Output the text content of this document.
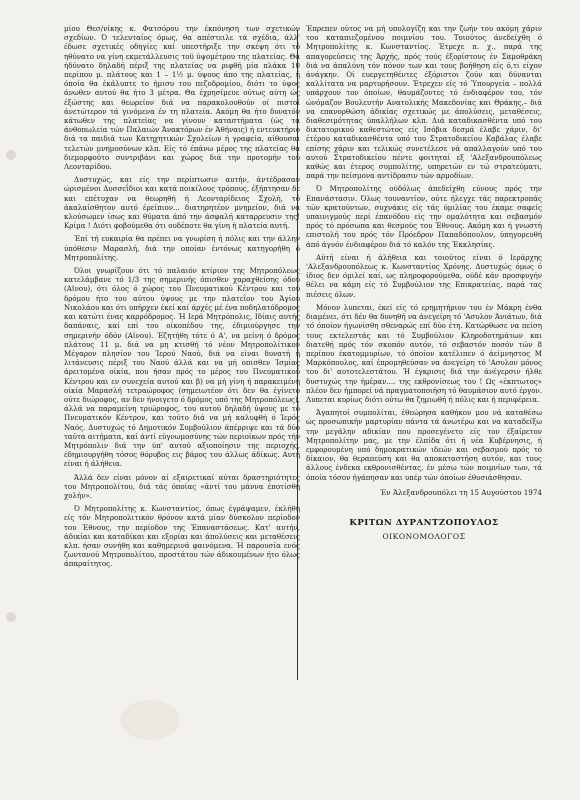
μίου Θεσ/νίκης κ. Φατσόρου την έκπόνηση των σχετικών σχεδίων. Ό τελευταίος όμως, θα απέστειλε τά σχέδια, άλλ' έδωσε σχετικές οδηγίες καί υπεστήριξε την σκέψη ότι τό ηθύνατο να γίνη εκμετάλλευσις τοϋ ύψομέτρου της πλατείας. Θά ήδύνατο δηλαδή πέριξ της πλατείας να ριφθή μία πλάκα 10 περίπου μ. πλάτους και 1 – 1½ μ. ύψους άπο της πλατείας, ή όποία θα έκάλυπτε το ήμισυ του πεζοδρομίου, διότι το ύψος άνωθεν αυτού θα ήτο 3 μέτρα. Θα έχρησίμευε ούτως αύτη ώς έξώστης και θεωρείον διά να παρακολουθούν οί πιστοί άνετώτερον τά γινόμενα έν τη πλατεία. Ακόμη θα ήτο δυνατόν κάτωθεν της πλατείας να γίνουν καταστήματα (ώς τα άνθοπωλεία τών Παλαιών Άνακτόρων έν Άθήναις) ή εντευκτήριο διά τα παιδιά των Κατηχητικών Σχολείων ή γραφεία, αίθουσαι τελετών μνημοσύνων κλπ. Είς τό έπάνω μέρος της πλατείας θα διεμορφούτο συντριβάνι και χώρος διά την προτομήν τού Λεονταρίδου.

Δυστυχώς, και είς την περίπτωσιν αυτήν, άντέδρασαν ώρισμένοι Δυσσεΐδιοι και κατά ποικίλους τρόπους, έξήπτησαν δε και επέτυχαν να θεωρηθή ή Λεονταρίδειος Σχολή, τό άκαλαίσθητον αυτό έρείπιον... διατηρητέον μνημείον, διά να κλούσωμεν ίσως και θύματα άπό την άσφαλή καταρρευσιν της! Κρίμα ! Διότι φοβούμεθα ότι ουδέποτε θα γίνη ή πλατεία αυτή.

Έπί τή ευκαιρία θα πρέπει να γνωρίση ή πόλις και την άλλην ύπόθεσιν Μαρασλή, διά την οποίαν έντόνως κατηγορήθη ό Μητροπολίτης.

Όλοι γνωρίζουν ότι τό παλαιόν κτίριον της Μητροπόλεως κατελάμβανε τό 1/3 της σημερινής όπισθεν χαραχθείσης όδού (Αϊνου), ότι όλος ό χώρος του Πνευματικού Κέντρου και τού δρόμου ήτο του αύτου ύψους με την πλατεΐον του Άγίου Νικολάου και ότι υπήρχεν έκεί καί άρχές μέ ένα ποδηλατόδρομος και κατώτι ένας καρρόδρομος. Ή Ιερά Μητρόπολις, Ιδίαις αυτής δαπάναις, καί επί του οίκοπέδου της, έδιμιούργησε την σημερινήν όδόν (Αϊνου). Έζητήθη τότε ό Α', να μείνη ό δρόμος πλάτους 11 μ. διά να μη κτισθή τό νέον Μητροπολίτικον Μέγαρον πλησίον του Ίερού Ναού, διά να είναι δυνατή ή λιτάνευσις πέριξ του Ναού άλλά και να μή οπισθεν Ίσμίας άρειτομένα οίκία, που ήσαν πρός το μέρος του Πνευματικού Κέντρου και εν συνεχεία αυτού και β) να μή γίνη ή παρακειμένη οίκία Μαρασλή τετραώροφος (σημειωτέον ότι δεν θα έγίνετο ούτε διώροφος, αν δεν ήνοιγετο ό δρόμος υπό της Μητροπόλεως), άλλά να παραμείνη τριώροφος, του αυτού δηλαδή ύψους με τό Πνευματικόν Κέντρον, και τούτο διά να μή καλυφθή ό Ίερός Ναός. Δυστυχώς τό Δημοτικόν Συμβούλιον άπέρριψε και τά δύο ταύτα αιτήματα, καί άντί εύγνωμοσύνης τών περιοίκων πρός τήν Μητρόπολιν διά την ύπ' αυτού αξιοποίησιν της περιοχής, έδημιουργήθη τόσος θόρυβος εις βάρος του άλλως άδίκως. Αυτή είναι ή άλήθεια.

Άλλά δεν είναι μόνον αί εξαιρετικαί αύται δραστηριότητες του Μητροπολίτου, διά τάς όποίας «άντί του μάννα έποτίσθη χολήν».

Ό Μητροπολίτης κ. Κωνσταντίος, όπως έγράψαμεν, έκλήθη είς τόν Μητροπολιτικόν θρόνον κατά μίαν δύσκολον περίοδον του Έθνους, την περίοδον της Έπαναστάσεως. Κατ' αυτήν, άδικίαι και καταδίκαι και εξορίαι και άπολύσεις και μεταθέσεις κλπ. ήσαν συνήθη και καθημερινά φαινόμενα. Ή παρουσία ενός ζωντανού Μητροπολίτου, προστάτου τών άδικουμένων ήτο όλως άπαραίτητος.

Έπρεπεν ούτος να μή υπολογίζη και την ζωήν του ακόμη χάριν του καταπιεζομένου ποιμνίου του. Τοιούτος άνεδείχθη ό Μητροπολίτης κ. Κωνσταντίος. Έτρεχε π. χ., παρά της απαγορεύσεις της Άρχής, πρός τούς έξορίστους έν Σαμοθράκη διά να άπαλύνη τόν πόνον των και τους βοήθηση είς ό,τι είχον άνάγκην. Οί ευεργετηθέντες έξόριστοι ζούν και δύνανται καλλίτατα να μαρτυρήσουν. Έτρεχεν είς τό Ύπουργεία – πολλά υπάρχουν τον όποίων, θαυμάζοντες τό ένδιαφέρον του, τόν ώνόμαζον Βουλευτήν Ανατολικής Μακεδονίας και Θράκης,– διά να επανορθώση άδικίας σχετικώς με άπολύσεις, μεταθέσεις, διαθεσιμότητας ύπαλλήλων κλπ. Διά καταδικασθέντα υπό του δικτατορικού καθεστώτος είς Ισόβια δεσμά έλαβε χάριν, δι' έτέρου καταδικασθέντα υπό του Στρατοδικείου Καβάλας έλαβε επίσης χάριν και τελικώς συνετέλεσε νά απαλλαγούν υπό του αυτού Στρατοδικείου πέντε φοιτηταί εξ 'Αλεξανδρουπόλεως καθώς και έτερος συμπολίτης, υπηρετών εν τώ στρατεύματι, παρά την πείσμονα αντίδρασιν τών αρμοδίων.

Ό Μητροπολίτης ούδόλως άπεδείχθη εύνους πρός την Επανάστασιν. Όλως τουναντίον, ούτε ήλεγχε τάς παρεκτροπάς τών κρατούντων, συχνάκις είς τάς όμιλίας του έκαμε σαφείς υπαινιγμούς περί έπανόδου είς την ομαλότητα και σεβασμόν πρός τό πρόσωπα και θεσμούς του Έθνους. Ακόμη και ή γνωστή επιστολή του πρός τόν Πρόεδρον Παπαδόπουλον, ύπηγορευθή άπό άγνόν ένδιαφέρον διά τό καλόν της Έκκλησίας.

Αύτή είναι ή άλήθεια και τοιούτος είναι ό Ιεράρχης 'Αλεξανδρουπόλεως κ. Κωνσταντίος Χρόνης. Δυστυχώς όμως ό ίδιος δεν όμιλεί καί, ως πληροφορούμεθα, ούδέ κάν προσφυγήν θέλει να κάμη είς τό Συμβούλιον της Επικρατείας, παρά τας πιέσεις όλων.

Μόνον λυπεται, έκεί είς τό ερημητήριον του έν Μάκρη ένθα διαμένει, ότι δέν θα δυνηθή να άνεγείρη τό 'Ασυλον Άνιάτων, διά τό όποίον ήγωνίσθη σθεναρώς επί δύο έτη. Κατώρθωσε να πείση τους εκτελεστάς και τό Συμβούλιον Κληροδοτημάτων και διατεθή πρός τόν σκοπόν αυτόν, τό σεβαστόν ποσόν τών 8 περίπου έκατομμυρίων, τό όποίον κατέλιπεν ό άείμνηστος Μ Μαρκόπουλος, καί έπρομηθεύσαν να άνεγείρη τό 'Ασυλον μόνος του δι' αυτοτελεστάτου. Ή έγκρισις διά την άνέγερσιν ήλθε δυστυχώς την ήμέραν.... της εκθρονίσεως του ! Ως «έκπτωτος» πλέον δεν ήμπορεί νά πραγματοποιήση τό θαυμάσιον αυτό έργον. Λυπεται κυρίως διότι ούτω θα ζημιωθή ή πόλις και ή περιφέρεια.

Άγαπητοί συμπολίται, έθεώρησα καθήκον μου νά καταθέσω ώς προσωπικήν μαρτυρίαν πάντα τά άνωτέρω και να καταδείξω την μεγάλην αδικίαν που προσεγένετο είς τον έξαίρετον Μητροπολίτην μας, με την έλπίδα ότι ή νέα Κυβέρνησις, ή εμφορουμένη υπό δημοκρατικών ιδεών και σεβασμού πρός τό δίκαιον, θα θεραπεύση και θα αποκαταστήση αυτόν, και τους άλλους ένδεκα εκθρονισθέντας, έν μέσω τών ποιμνίων των, τά όποία τόσον ήγάπησαν και υπέρ τών όποίων έθυσιάσθησαν.

Έν Άλεξανδρουπόλει τη 15 Αυγούστου 1974
ΚΡΙΤΩΝ ΔΥΡΑΝΤΖΟΠΟΥΛΟΣ
ΟΙΚΟΝΟΜΟΛΟΓΟΣ
